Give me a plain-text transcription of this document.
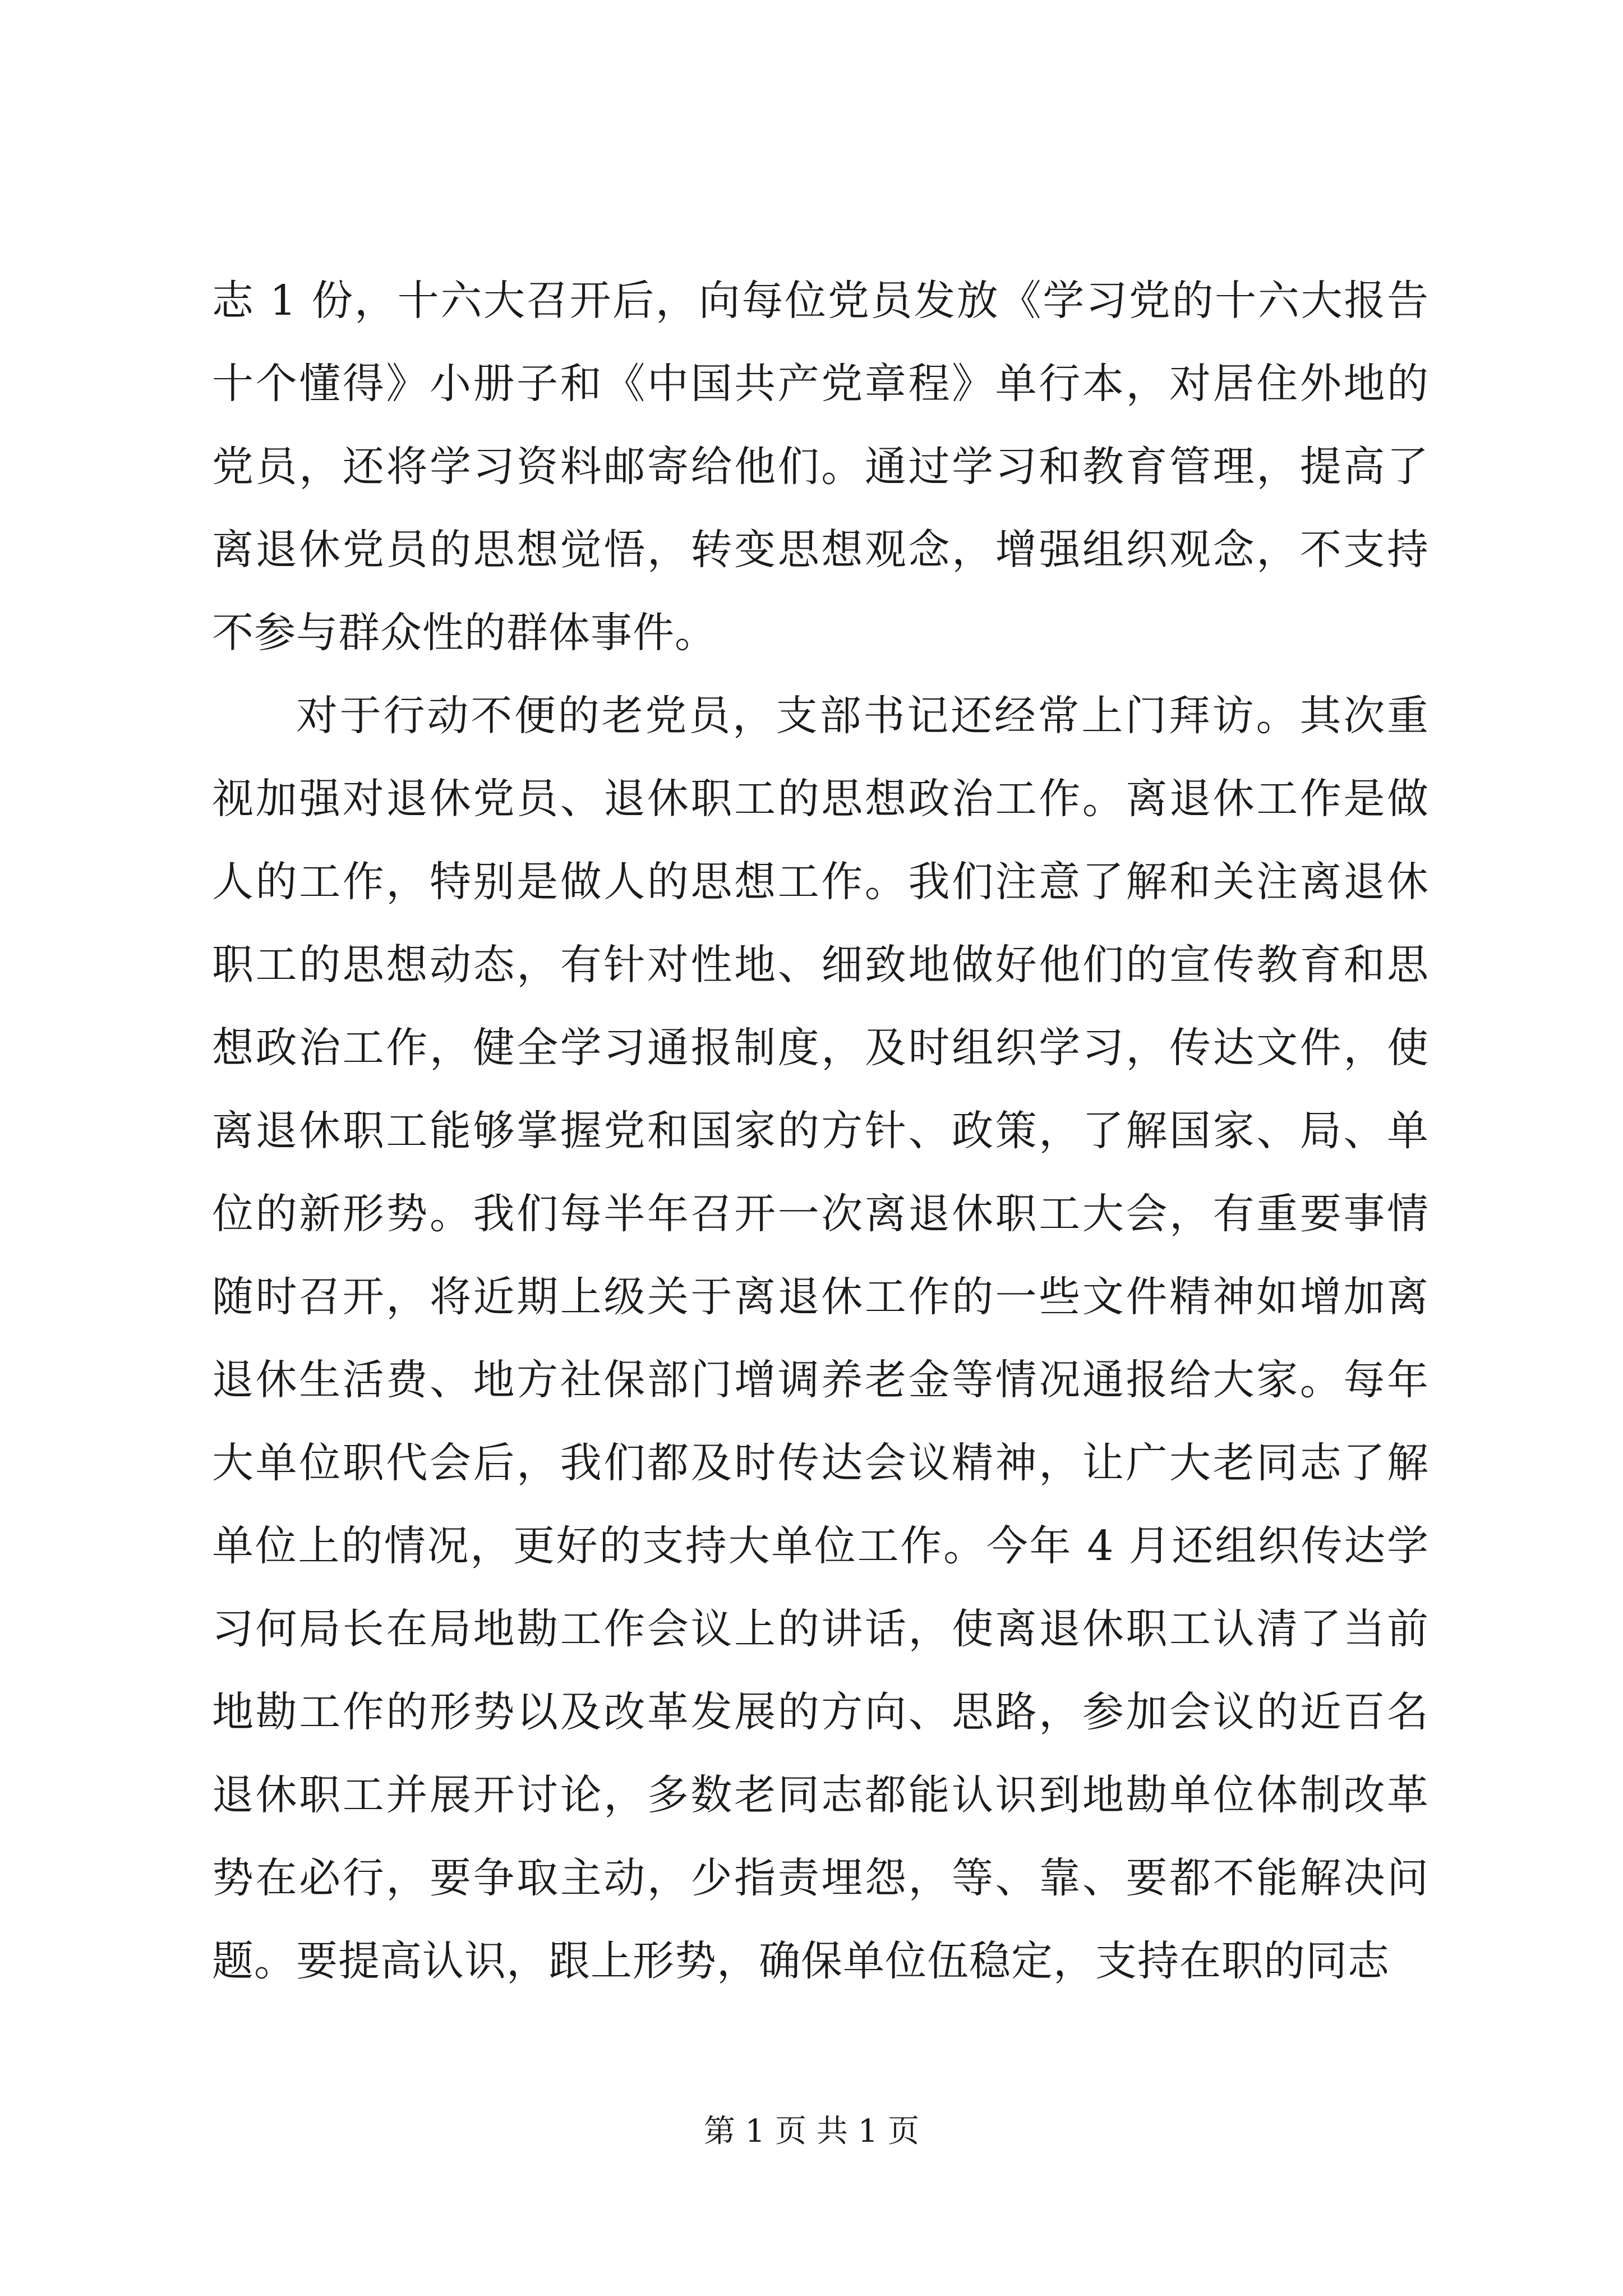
志 1 份，十六大召开后，向每位党员发放《学习党的十六大报告十个懂得》小册子和《中国共产党章程》单行本，对居住外地的党员，还将学习资料邮寄给他们。通过学习和教育管理，提高了离退休党员的思想觉悟，转变思想观念，增强组织观念，不支持不参与群众性的群体事件。

对于行动不便的老党员，支部书记还经常上门拜访。其次重视加强对退休党员、退休职工的思想政治工作。离退休工作是做人的工作，特别是做人的思想工作。我们注意了解和关注离退休职工的思想动态，有针对性地、细致地做好他们的宣传教育和思想政治工作，健全学习通报制度，及时组织学习，传达文件，使离退休职工能够掌握党和国家的方针、政策，了解国家、局、单位的新形势。我们每半年召开一次离退休职工大会，有重要事情随时召开，将近期上级关于离退休工作的一些文件精神如增加离退休生活费、地方社保部门增调养老金等情况通报给大家。每年大单位职代会后，我们都及时传达会议精神，让广大老同志了解单位上的情况，更好的支持大单位工作。今年 4 月还组织传达学习何局长在局地勘工作会议上的讲话，使离退休职工认清了当前地勘工作的形势以及改革发展的方向、思路，参加会议的近百名退休职工并展开讨论，多数老同志都能认识到地勘单位体制改革势在必行，要争取主动，少指责埋怨，等、靠、要都不能解决问题。要提高认识，跟上形势，确保单位伍稳定，支持在职的同志

第 1 页 共 1 页
